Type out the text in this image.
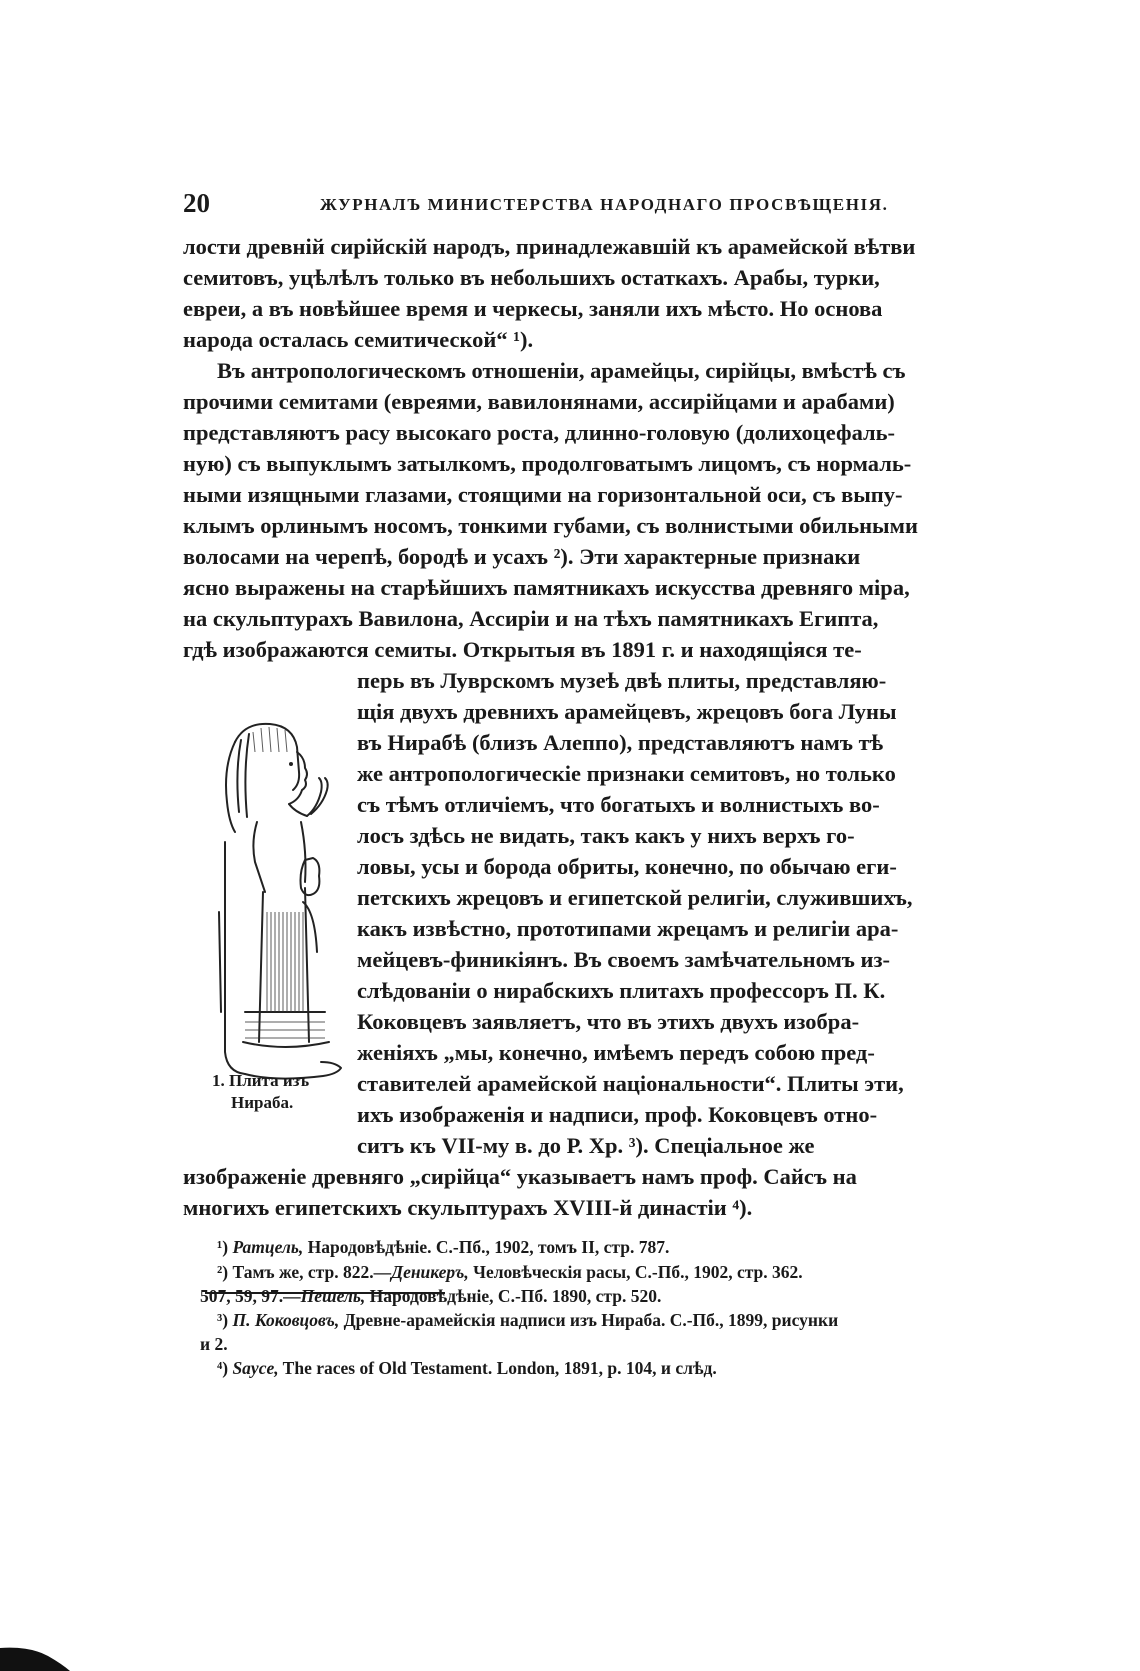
20	ЖУРНАЛЪ МИНИСТЕРСТВА НАРОДНАГО ПРОСВѢЩЕНІЯ.
лости древній сирійскій народъ, принадлежавшій къ арамейской вѣтви
семитовъ, уцѣлѣлъ только въ небольшихъ остаткахъ. Арабы, турки,
евреи, а въ новѣйшее время и черкесы, заняли ихъ мѣсто. Но основа
народа осталась семитической“ ¹).
Въ антропологическомъ отношеніи, арамейцы, сирійцы, вмѣстѣ съ
прочими семитами (евреями, вавилонянами, ассирійцами и арабами)
представляютъ расу высокаго роста, длинно-головую (долихоцефаль-
ную) съ выпуклымъ затылкомъ, продолговатымъ лицомъ, съ нормаль-
ными изящными глазами, стоящими на горизонтальной оси, съ выпу-
клымъ орлинымъ носомъ, тонкими губами, съ волнистыми обильными
волосами на черепѣ, бородѣ и усахъ ²). Эти характерные признаки
ясно выражены на старѣйшихъ памятникахъ искусства древняго міра,
на скульптурахъ Вавилона, Ассиріи и на тѣхъ памятникахъ Египта,
гдѣ изображаются семиты. Открытыя въ 1891 г. и находящіяся те-
перь въ Луврскомъ музеѣ двѣ плиты, представляю-
щія двухъ древнихъ арамейцевъ, жрецовъ бога Луны
въ Нирабѣ (близъ Алеппо), представляютъ намъ тѣ
же антропологическіе признаки семитовъ, но только
съ тѣмъ отличіемъ, что богатыхъ и волнистыхъ во-
лосъ здѣсь не видать, такъ какъ у нихъ верхъ го-
ловы, усы и борода обриты, конечно, по обычаю еги-
петскихъ жрецовъ и египетской религіи, служившихъ,
какъ извѣстно, прототипами жрецамъ и религіи ара-
мейцевъ-финикіянъ. Въ своемъ замѣчательномъ из-
слѣдованіи о нирабскихъ плитахъ профессоръ П. К.
Коковцевъ заявляетъ, что въ этихъ двухъ изобра-
женіяхъ „мы, конечно, имѣемъ передъ собою пред-
ставителей арамейской національности“. Плиты эти,
ихъ изображенія и надписи, проф. Коковцевъ отно-
ситъ къ VII-му в. до Р. Хр. ³). Спеціальное же
изображеніе древняго „сирійца“ указываетъ намъ проф. Сайсъ на
многихъ египетскихъ скульптурахъ XVIII-й династіи ⁴).
1. Плита изъ
Нираба.
¹) Ратцель, Народовѣдѣніе. С.-Пб., 1902, томъ II, стр. 787.
²) Тамъ же, стр. 822.—Деникеръ, Человѣческія расы, С.-Пб., 1902, стр. 362.
507, 59, 97.—Пешель, Народовѣдѣніе, С.-Пб. 1890, стр. 520.
³) П. Коковцовъ, Древне-арамейскія надписи изъ Нираба. С.-Пб., 1899, рисунки
и 2.
⁴) Sayce, The races of Old Testament. London, 1891, p. 104, и слѣд.
